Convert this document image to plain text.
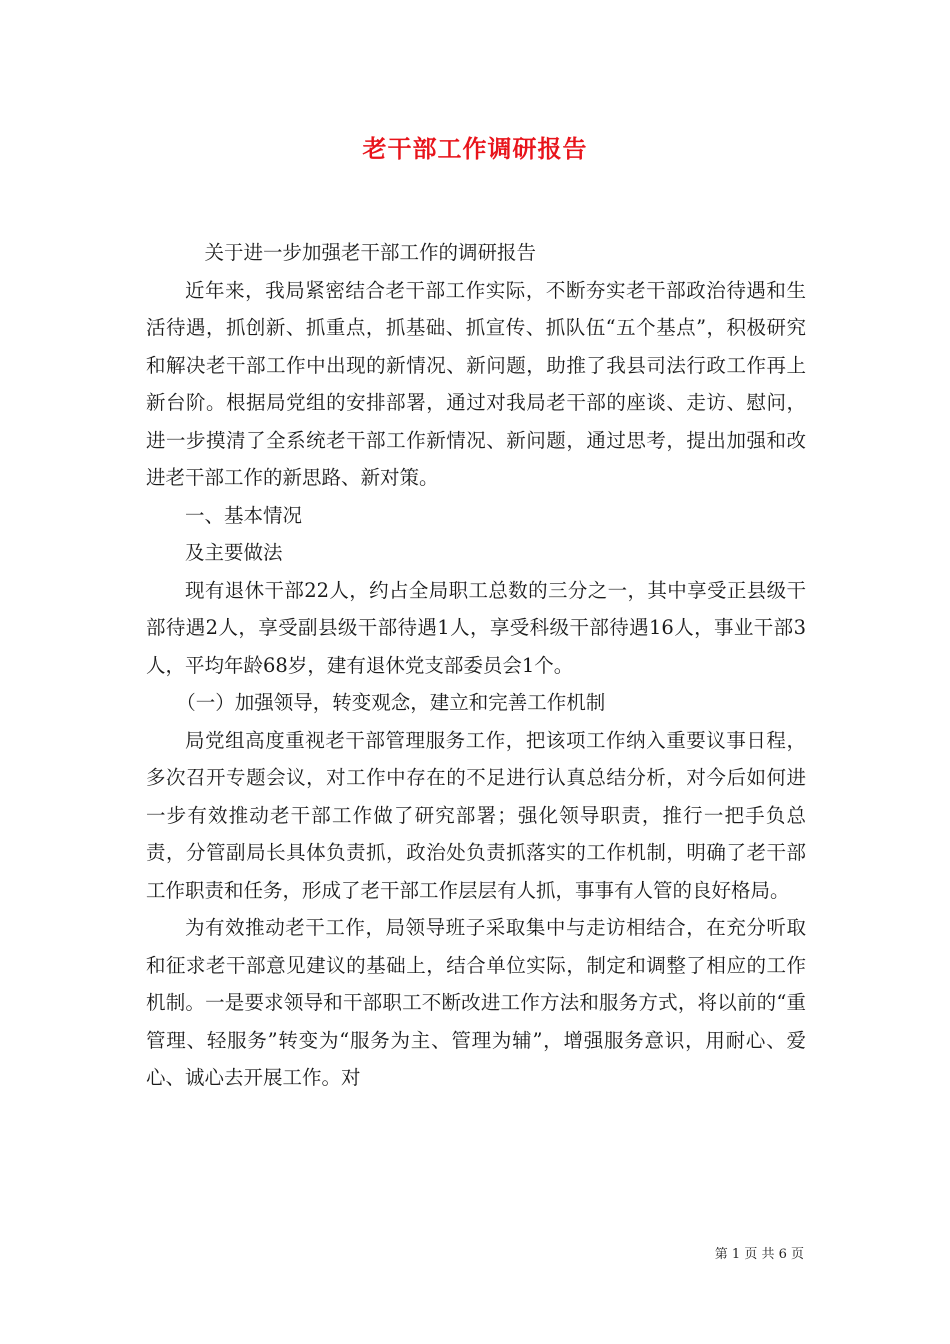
老干部工作调研报告

关于进一步加强老干部工作的调研报告

近年来，我局紧密结合老干部工作实际，不断夯实老干部政治待遇和生活待遇，抓创新、抓重点，抓基础、抓宣传、抓队伍“五个基点”，积极研究和解决老干部工作中出现的新情况、新问题，助推了我县司法行政工作再上新台阶。根据局党组的安排部署，通过对我局老干部的座谈、走访、慰问，进一步摸清了全系统老干部工作新情况、新问题，通过思考，提出加强和改进老干部工作的新思路、新对策。

一、基本情况

及主要做法

现有退休干部22人，约占全局职工总数的三分之一，其中享受正县级干部待遇2人，享受副县级干部待遇1人，享受科级干部待遇16人，事业干部3人，平均年龄68岁，建有退休党支部委员会1个。

（一）加强领导，转变观念，建立和完善工作机制

局党组高度重视老干部管理服务工作，把该项工作纳入重要议事日程，多次召开专题会议，对工作中存在的不足进行认真总结分析，对今后如何进一步有效推动老干部工作做了研究部署；强化领导职责，推行一把手负总责，分管副局长具体负责抓，政治处负责抓落实的工作机制，明确了老干部工作职责和任务，形成了老干部工作层层有人抓，事事有人管的良好格局。

为有效推动老干工作，局领导班子采取集中与走访相结合，在充分听取和征求老干部意见建议的基础上，结合单位实际，制定和调整了相应的工作机制。一是要求领导和干部职工不断改进工作方法和服务方式，将以前的“重管理、轻服务”转变为“服务为主、管理为辅”，增强服务意识，用耐心、爱心、诚心去开展工作。对

第 1 页 共 6 页
